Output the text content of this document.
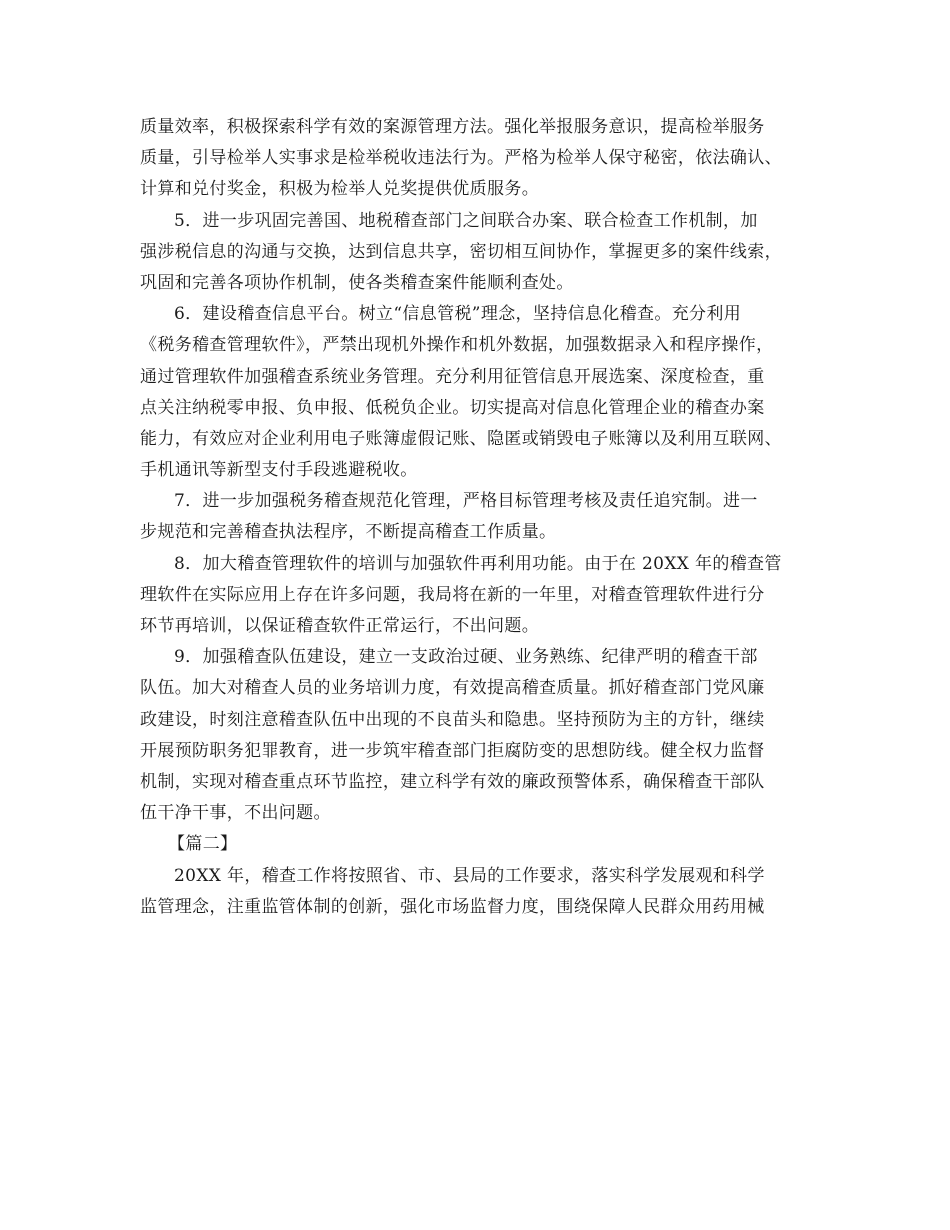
质量效率，积极探索科学有效的案源管理方法。强化举报服务意识，提高检举服务
质量，引导检举人实事求是检举税收违法行为。严格为检举人保守秘密，依法确认、
计算和兑付奖金，积极为检举人兑奖提供优质服务。
5．进一步巩固完善国、地税稽查部门之间联合办案、联合检查工作机制，加
强涉税信息的沟通与交换，达到信息共享，密切相互间协作，掌握更多的案件线索，
巩固和完善各项协作机制，使各类稽查案件能顺利查处。
6．建设稽查信息平台。树立“信息管税”理念，坚持信息化稽查。充分利用
《税务稽查管理软件》，严禁出现机外操作和机外数据，加强数据录入和程序操作，
通过管理软件加强稽查系统业务管理。充分利用征管信息开展选案、深度检查，重
点关注纳税零申报、负申报、低税负企业。切实提高对信息化管理企业的稽查办案
能力，有效应对企业利用电子账簿虚假记账、隐匿或销毁电子账簿以及利用互联网、
手机通讯等新型支付手段逃避税收。
7．进一步加强税务稽查规范化管理，严格目标管理考核及责任追究制。进一
步规范和完善稽查执法程序，不断提高稽查工作质量。
8．加大稽查管理软件的培训与加强软件再利用功能。由于在 20XX 年的稽查管
理软件在实际应用上存在许多问题，我局将在新的一年里，对稽查管理软件进行分
环节再培训，以保证稽查软件正常运行，不出问题。
9．加强稽查队伍建设，建立一支政治过硬、业务熟练、纪律严明的稽查干部
队伍。加大对稽查人员的业务培训力度，有效提高稽查质量。抓好稽查部门党风廉
政建设，时刻注意稽查队伍中出现的不良苗头和隐患。坚持预防为主的方针，继续
开展预防职务犯罪教育，进一步筑牢稽查部门拒腐防变的思想防线。健全权力监督
机制，实现对稽查重点环节监控，建立科学有效的廉政预警体系，确保稽查干部队
伍干净干事，不出问题。
【篇二】
20XX 年，稽查工作将按照省、市、县局的工作要求，落实科学发展观和科学
监管理念，注重监管体制的创新，强化市场监督力度，围绕保障人民群众用药用械
